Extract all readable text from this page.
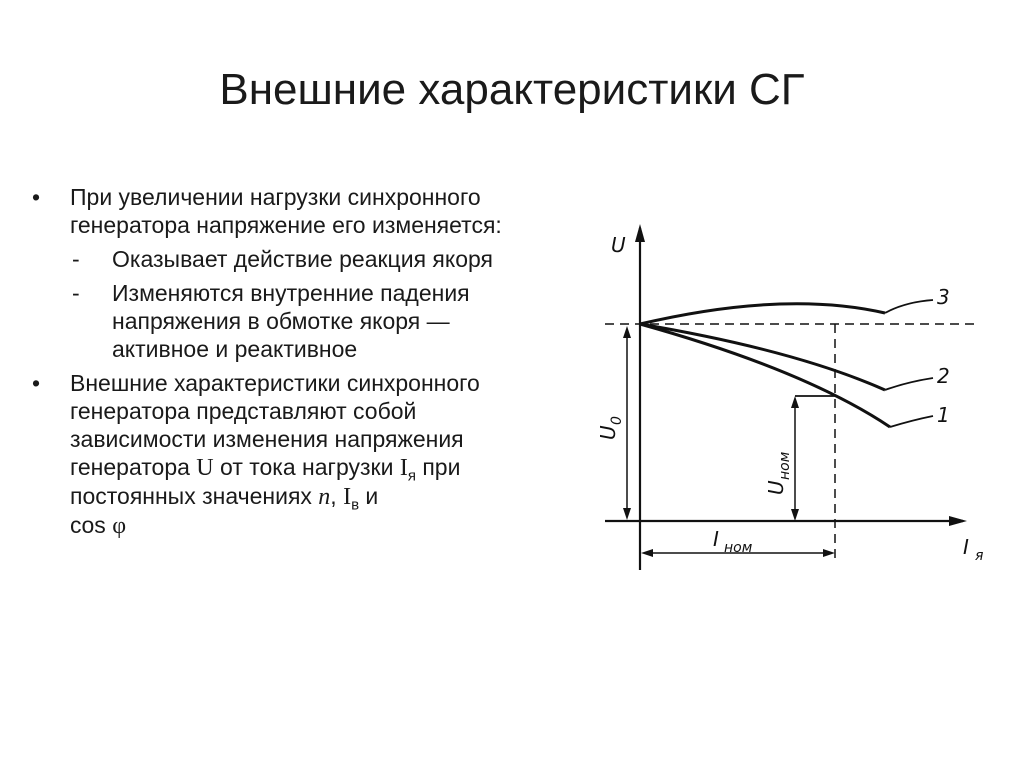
Внешние характеристики СГ
•	При увеличении нагрузки синхронного генератора напряжение его изменяется:
- Оказывает действие реакция якоря
- Изменяются внутренние падения напряжения в обмотке якоря — активное и реактивное
•	Внешние характеристики синхронного генератора представляют собой зависимости изменения напряжения генератора U от тока нагрузки $I_я$ при постоянных значениях n, $I_в$ и
cos φ
U
I я
U
0
U
ном
I ном
3
2
1
